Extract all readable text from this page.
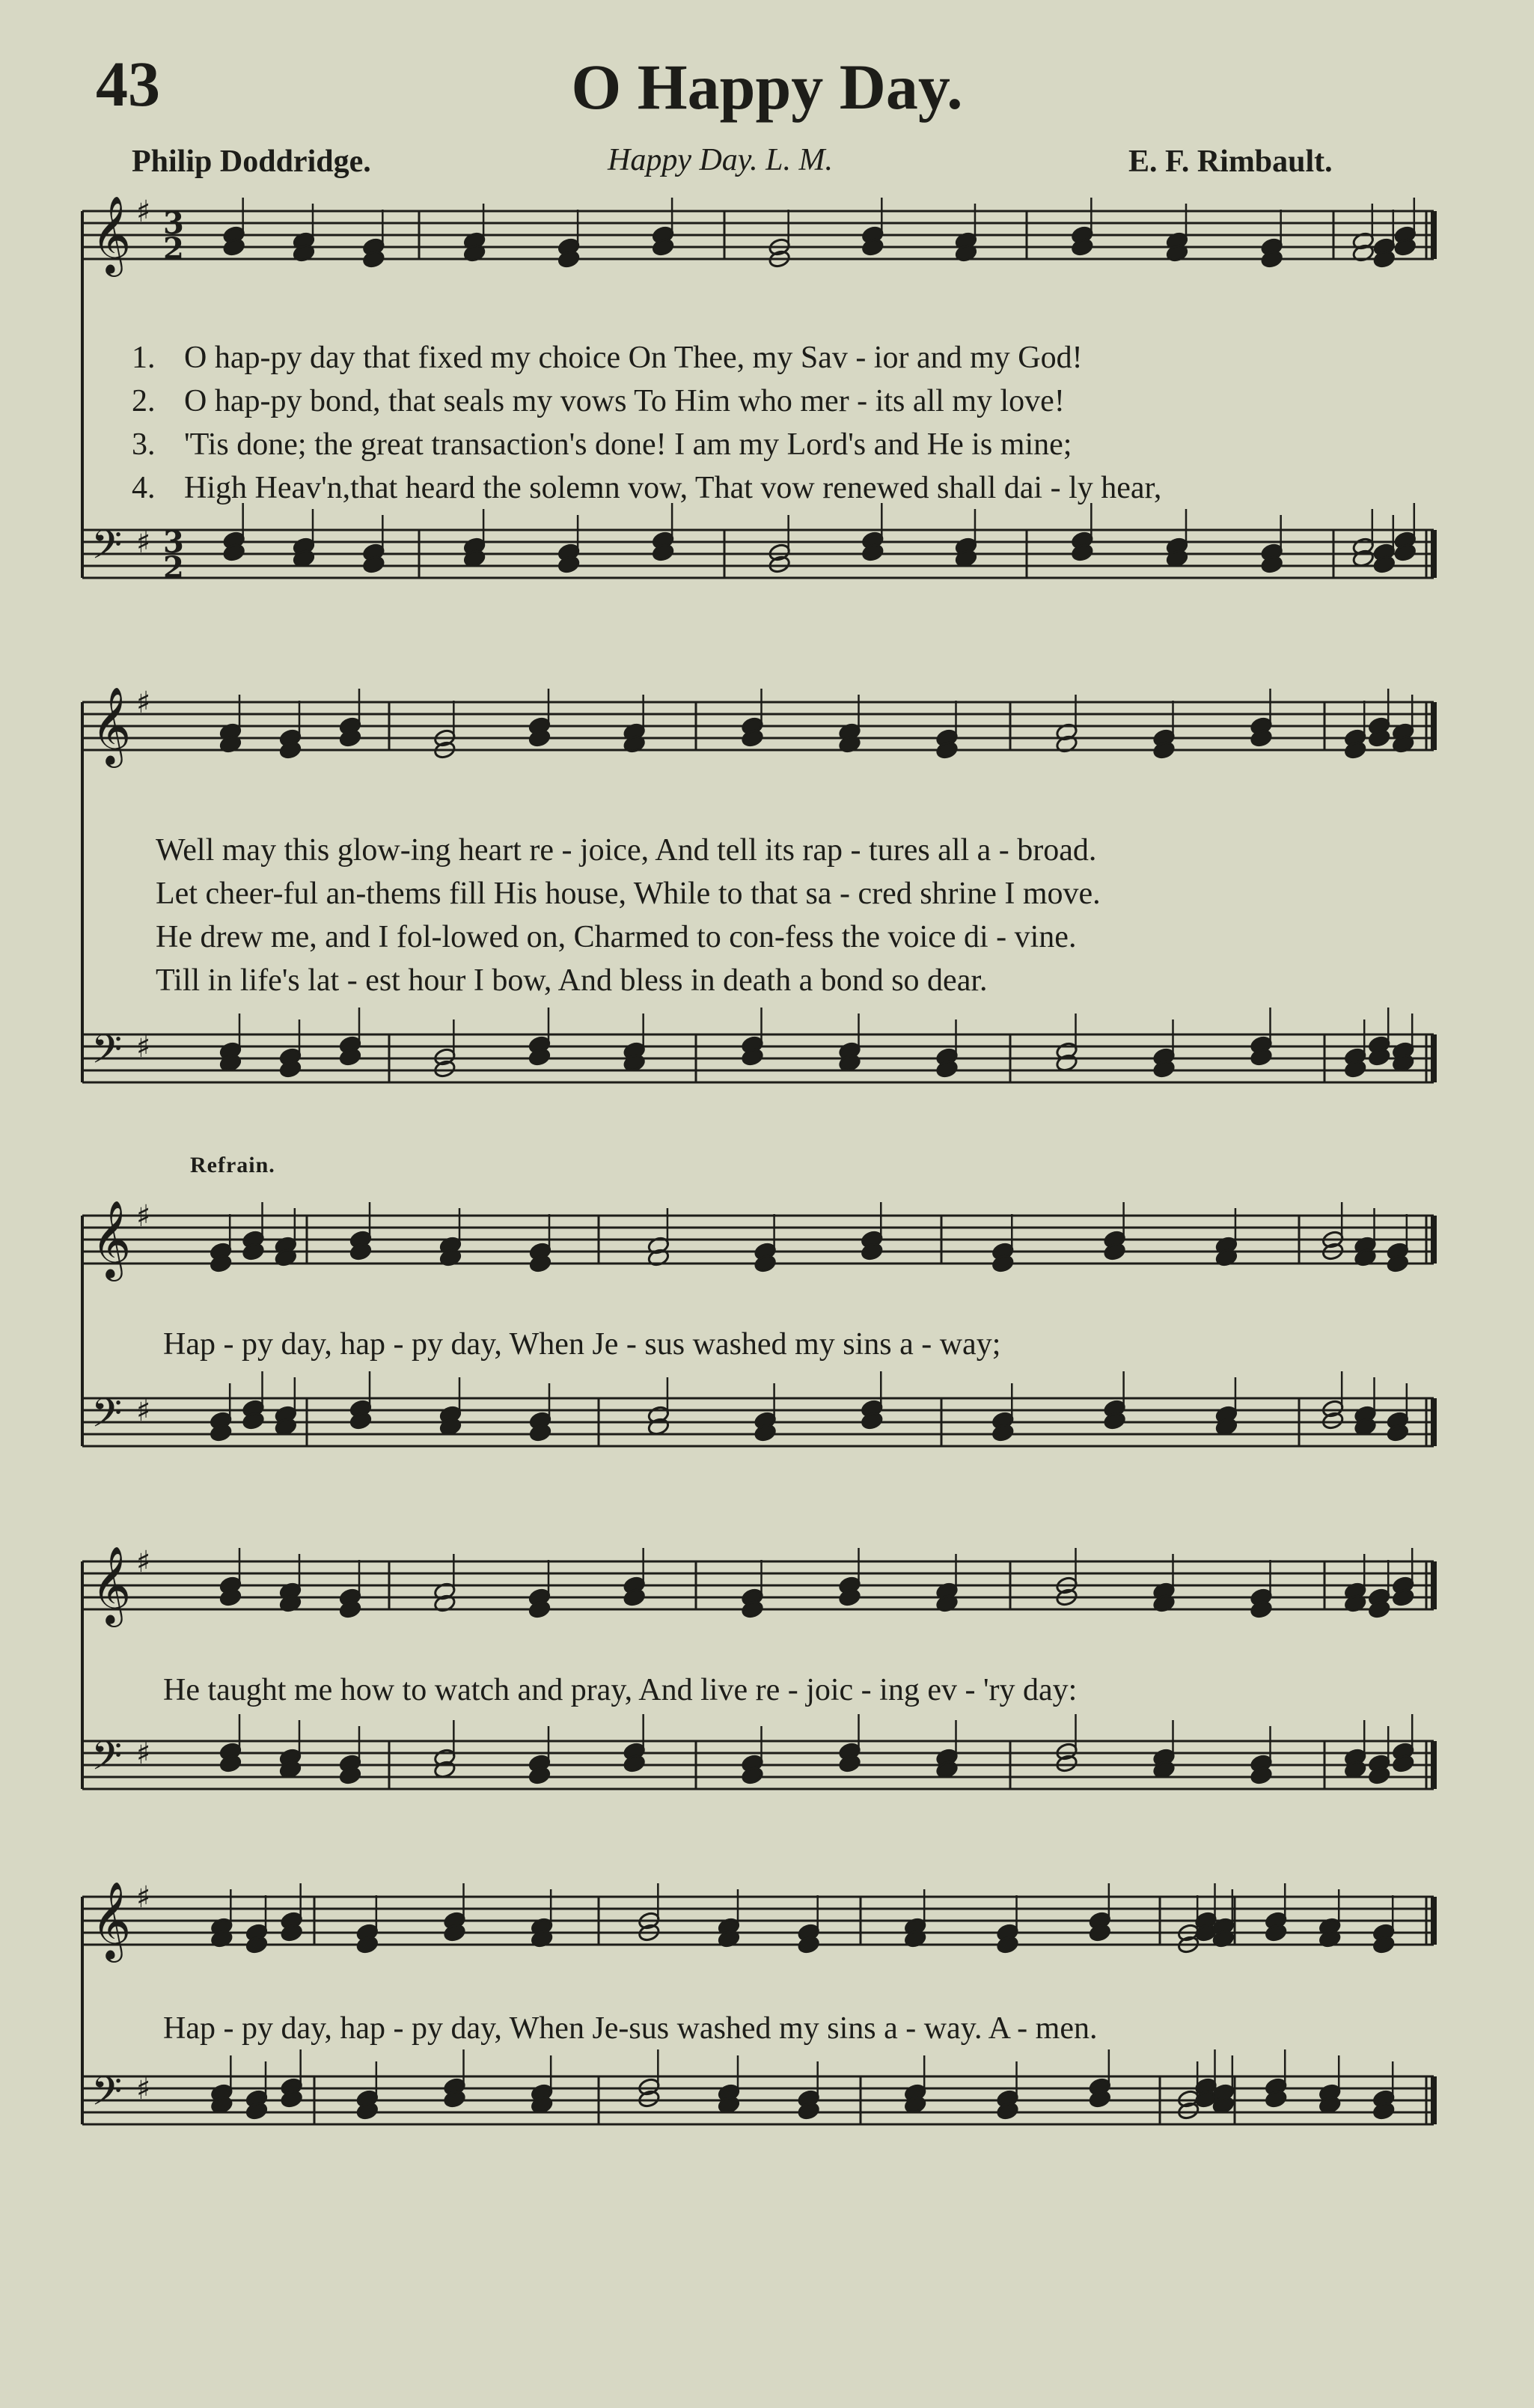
𝄞 ♯
𝄢 ♯
𝄞 ♯
𝄢 ♯
𝄞 ♯
𝄢 ♯
𝄞 ♯
𝄢 ♯
𝄞 ♯
𝄢 ♯
3
2
3
2
43	O Happy Day.
Philip Doddridge.	Happy Day. L. M.	E. F. Rimbault.
1. O hap-py day that fixed my choice On Thee, my Sav - ior and my God!
2. O hap-py bond, that seals my vows To Him who mer - its all my love!
3. 'Tis done; the great transaction's done! I am my Lord's and He is mine;
4. High Heav'n,that heard the solemn vow, That vow renewed shall dai - ly hear,
Well may this glow-ing heart re - joice, And tell its rap - tures all a - broad.
Let cheer-ful an-thems fill His house, While to that sa - cred shrine I move.
He drew me, and I fol-lowed on, Charmed to con-fess the voice di - vine.
Till in life's lat - est hour I bow, And bless in death a bond so dear.
Refrain.
Hap - py day, hap - py day, When Je - sus washed my sins a - way;
He taught me how to watch and pray, And live re - joic - ing ev - 'ry day:
Hap - py day, hap - py day, When Je-sus washed my sins a - way. A - men.
